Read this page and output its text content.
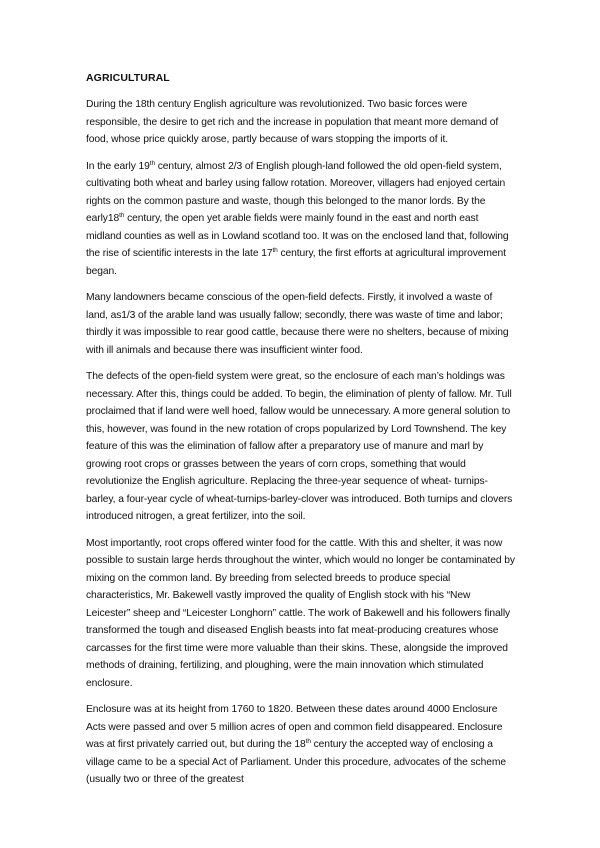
AGRICULTURAL

During the 18th century English agriculture was revolutionized. Two basic forces were responsible, the desire to get rich and the increase in population that meant more demand of food, whose price quickly arose, partly because of wars stopping the imports of it.

In the early 19th century, almost 2/3 of English plough-land followed the old open-field system, cultivating both wheat and barley using fallow rotation. Moreover, villagers had enjoyed certain rights on the common pasture and waste, though this belonged to the manor lords. By the early18th century, the open yet arable fields were mainly found in the east and north east midland counties as well as in Lowland scotland too. It was on the enclosed land that, following the rise of scientific interests in the late 17th century, the first efforts at agricultural improvement began.

Many landowners became conscious of the open-field defects. Firstly, it involved a waste of land, as1/3 of the arable land was usually fallow; secondly, there was waste of time and labor; thirdly it was impossible to rear good cattle, because there were no shelters, because of mixing with ill animals and because there was insufficient winter food.

The defects of the open-field system were great, so the enclosure of each man’s holdings was necessary. After this, things could be added. To begin, the elimination of plenty of fallow. Mr. Tull proclaimed that if land were well hoed, fallow would be unnecessary. A more general solution to this, however, was found in the new rotation of crops popularized by Lord Townshend. The key feature of this was the elimination of fallow after a preparatory use of manure and marl by growing root crops or grasses between the years of corn crops, something that would revolutionize the English agriculture. Replacing the three-year sequence of wheat- turnips-barley, a four-year cycle of wheat-turnips-barley-clover was introduced. Both turnips and clovers introduced nitrogen, a great fertilizer, into the soil.

Most importantly, root crops offered winter food for the cattle. With this and shelter, it was now possible to sustain large herds throughout the winter, which would no longer be contaminated by mixing on the common land. By breeding from selected breeds to produce special characteristics, Mr. Bakewell vastly improved the quality of English stock with his “New Leicester” sheep and “Leicester Longhorn” cattle. The work of Bakewell and his followers finally transformed the tough and diseased English beasts into fat meat-producing creatures whose carcasses for the first time were more valuable than their skins. These, alongside the improved methods of draining, fertilizing, and ploughing, were the main innovation which stimulated enclosure.

Enclosure was at its height from 1760 to 1820. Between these dates around 4000 Enclosure Acts were passed and over 5 million acres of open and common field disappeared. Enclosure was at first privately carried out, but during the 18th century the accepted way of enclosing a village came to be a special Act of Parliament. Under this procedure, advocates of the scheme (usually two or three of the greatest
